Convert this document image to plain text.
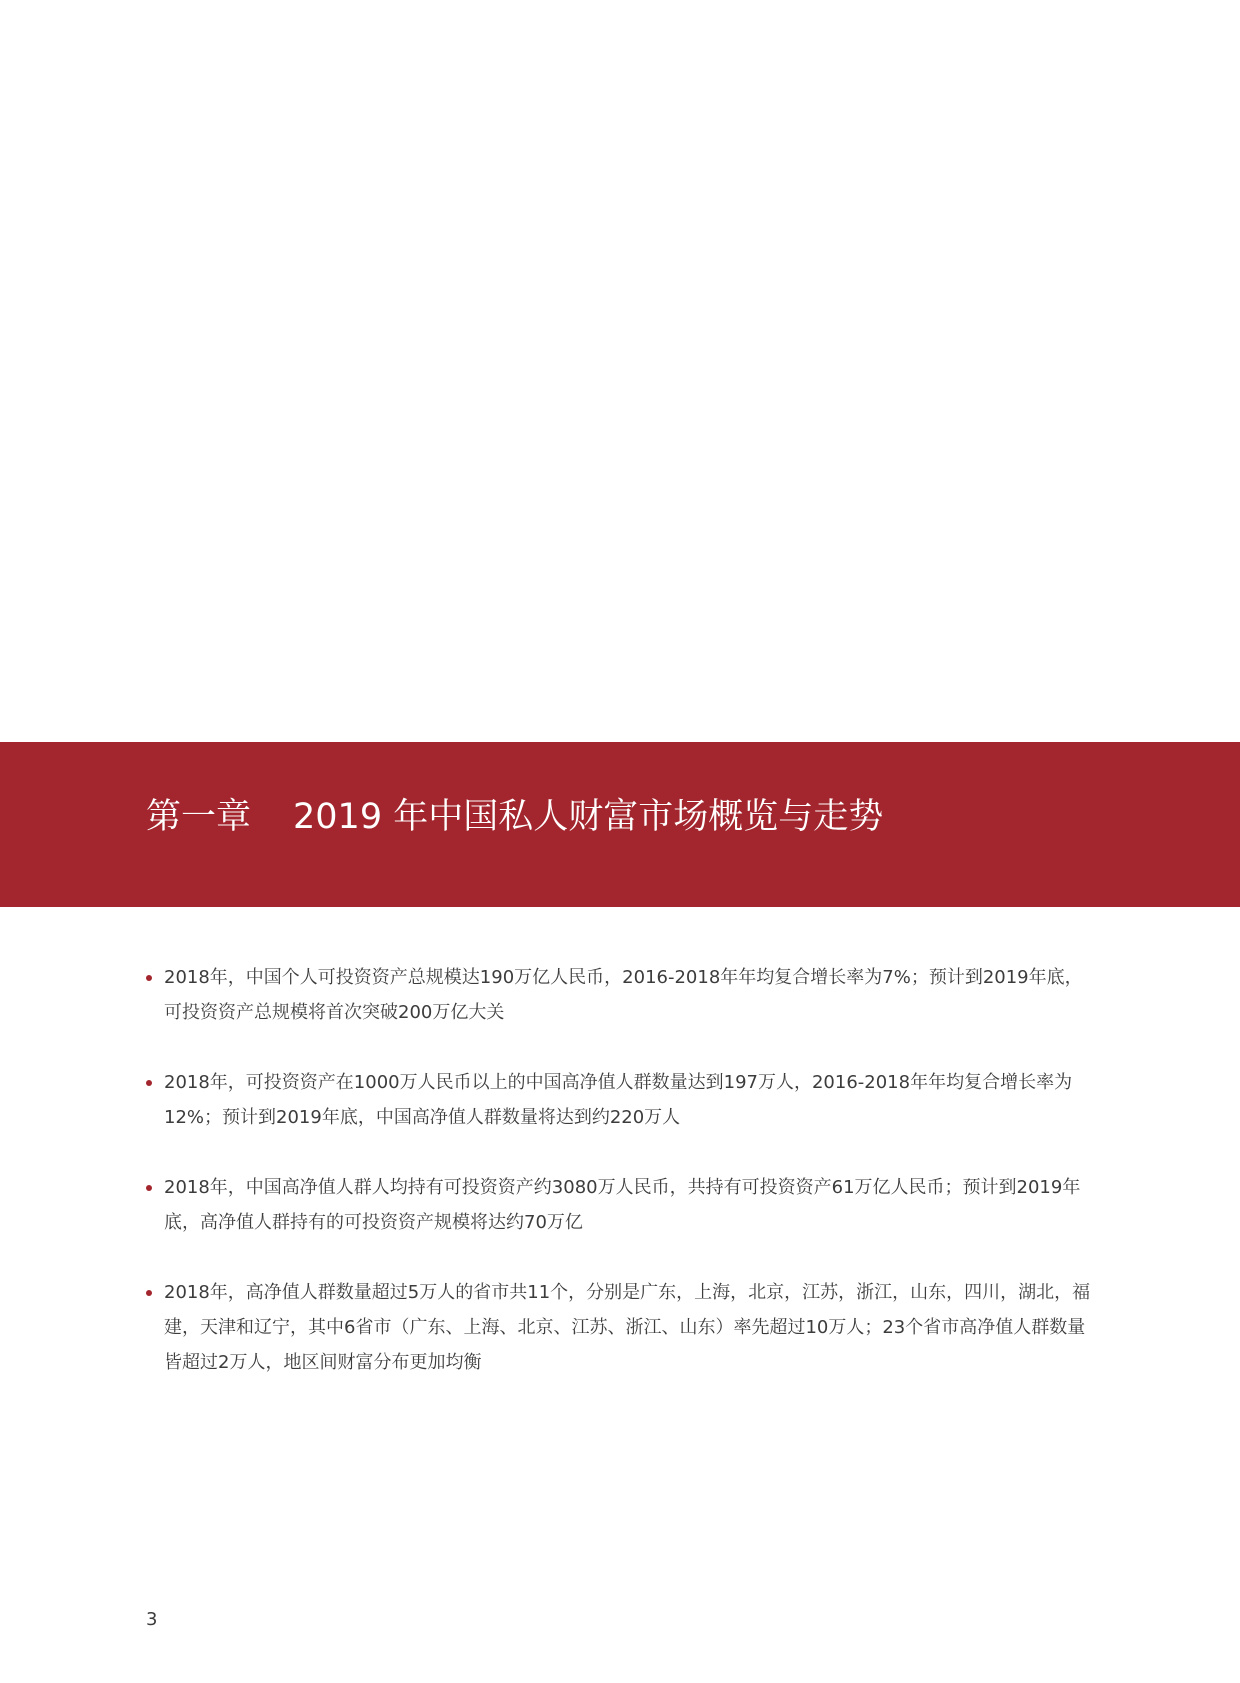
第一章 2019 年中国私人财富市场概览与走势
2018年，中国个人可投资资产总规模达190万亿人民币，2016-2018年年均复合增长率为7%；预计到2019年底，可投资资产总规模将首次突破200万亿大关
2018年，可投资资产在1000万人民币以上的中国高净值人群数量达到197万人，2016-2018年年均复合增长率为12%；预计到2019年底，中国高净值人群数量将达到约220万人
2018年，中国高净值人群人均持有可投资资产约3080万人民币，共持有可投资资产61万亿人民币；预计到2019年底，高净值人群持有的可投资资产规模将达约70万亿
2018年，高净值人群数量超过5万人的省市共11个，分别是广东，上海，北京，江苏，浙江，山东，四川，湖北，福建，天津和辽宁，其中6省市（广东、上海、北京、江苏、浙江、山东）率先超过10万人；23个省市高净值人群数量皆超过2万人，地区间财富分布更加均衡
3
